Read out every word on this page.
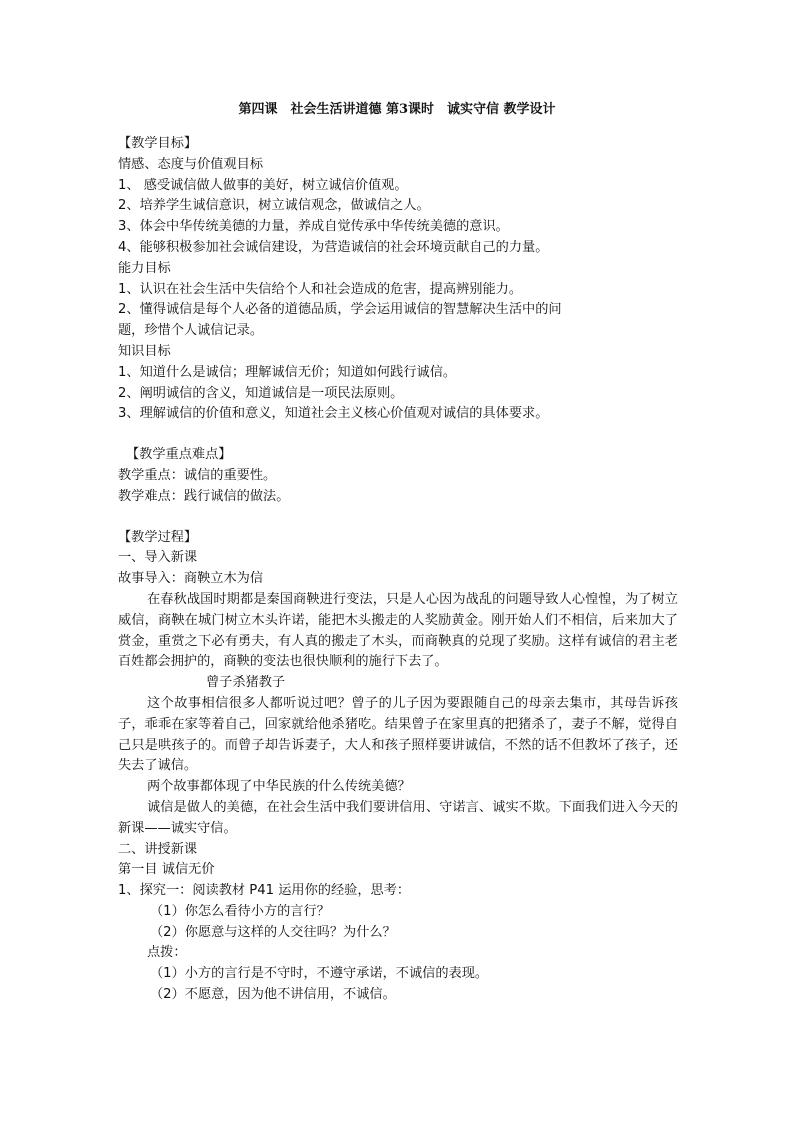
第四课　社会生活讲道德 第3课时　诚实守信 教学设计

【教学目标】

情感、态度与价值观目标

1、 感受诚信做人做事的美好，树立诚信价值观。

2、培养学生诚信意识，树立诚信观念，做诚信之人。

3、体会中华传统美德的力量，养成自觉传承中华传统美德的意识。

4、能够积极参加社会诚信建设，为营造诚信的社会环境贡献自己的力量。

能力目标

1、认识在社会生活中失信给个人和社会造成的危害，提高辨别能力。

2、懂得诚信是每个人必备的道德品质，学会运用诚信的智慧解决生活中的问

题，珍惜个人诚信记录。

知识目标

1、知道什么是诚信；理解诚信无价；知道如何践行诚信。

2、阐明诚信的含义，知道诚信是一项民法原则。

3、理解诚信的价值和意义，知道社会主义核心价值观对诚信的具体要求。

【教学重点难点】

教学重点：诚信的重要性。

教学难点：践行诚信的做法。

【教学过程】

一、导入新课

故事导入：商鞅立木为信

在春秋战国时期都是秦国商鞅进行变法，只是人心因为战乱的问题导致人心惶惶，为了树立威信，商鞅在城门树立木头许诺，能把木头搬走的人奖励黄金。刚开始人们不相信，后来加大了赏金，重赏之下必有勇夫，有人真的搬走了木头，而商鞅真的兑现了奖励。这样有诚信的君主老百姓都会拥护的，商鞅的变法也很快顺利的施行下去了。

曾子杀猪教子

这个故事相信很多人都听说过吧？曾子的儿子因为要跟随自己的母亲去集市，其母告诉孩子，乖乖在家等着自己，回家就给他杀猪吃。结果曾子在家里真的把猪杀了，妻子不解，觉得自己只是哄孩子的。而曾子却告诉妻子，大人和孩子照样要讲诚信，不然的话不但教坏了孩子，还失去了诚信。

两个故事都体现了中华民族的什么传统美德？

诚信是做人的美德，在社会生活中我们要讲信用、守诺言、诚实不欺。下面我们进入今天的新课——诚实守信。

二、讲授新课

第一目 诚信无价

1、探究一：阅读教材 P41 运用你的经验，思考：

（1）你怎么看待小方的言行？

（2）你愿意与这样的人交往吗？为什么？

点拨：

（1）小方的言行是不守时，不遵守承诺，不诚信的表现。

（2）不愿意，因为他不讲信用，不诚信。
